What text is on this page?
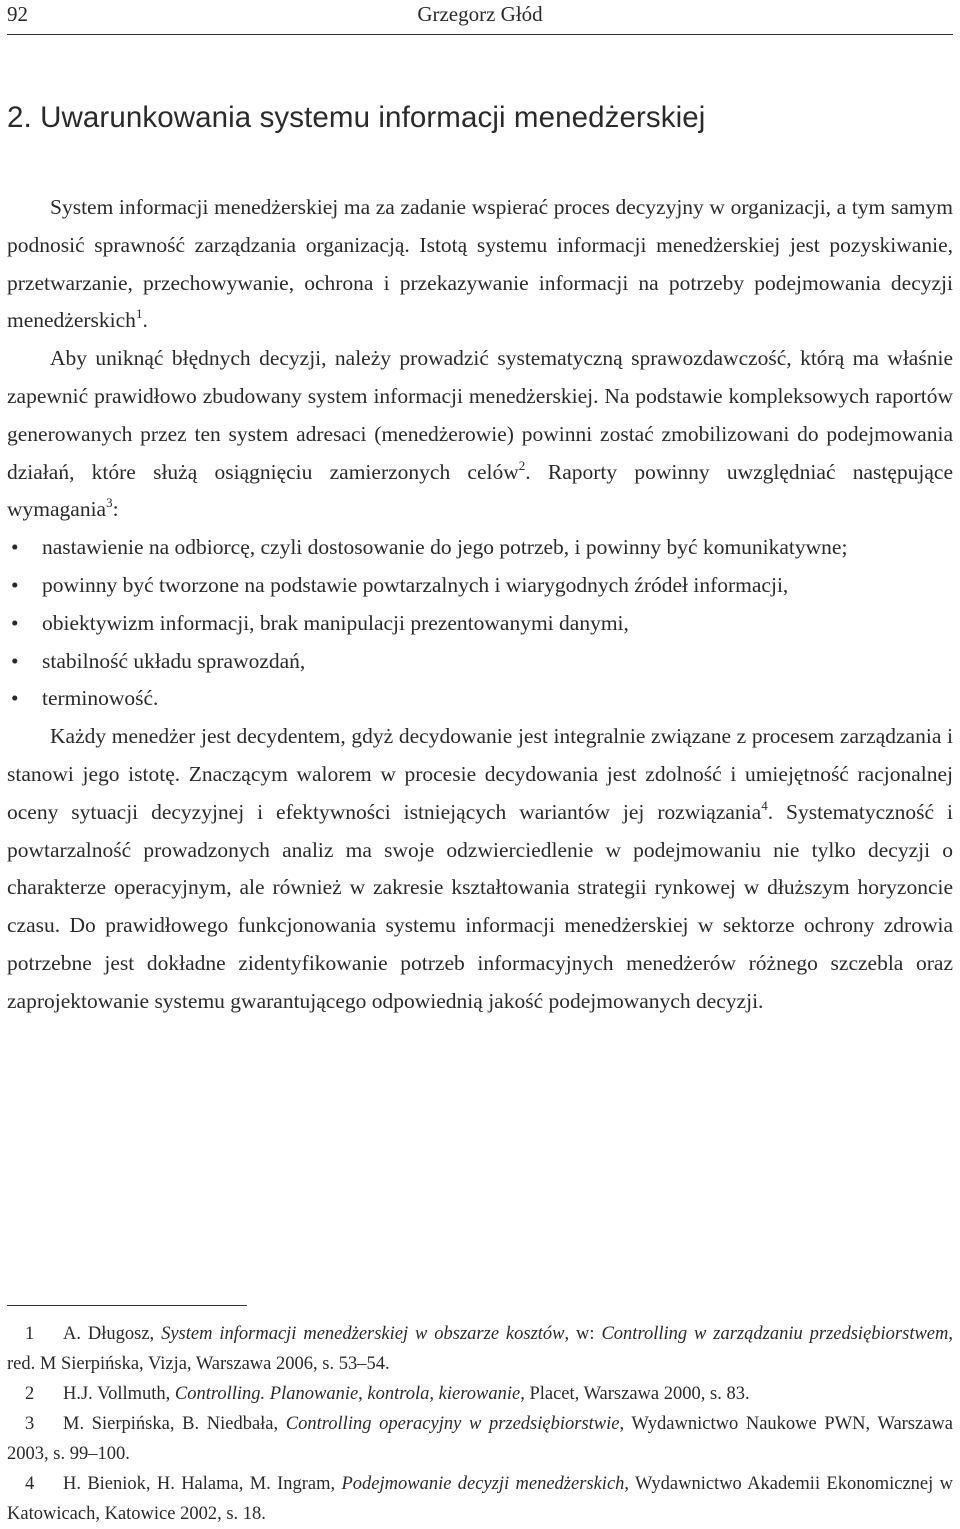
92	Grzegorz Głód
2. Uwarunkowania systemu informacji menedżerskiej

System informacji menedżerskiej ma za zadanie wspierać proces decyzyjny w organizacji, a tym samym podnosić sprawność zarządzania organizacją. Istotą systemu informacji menedżerskiej jest pozyskiwanie, przetwarzanie, przechowywanie, ochrona i przekazywanie informacji na potrzeby podejmowania decyzji menedżerskich$^1$.

Aby uniknąć błędnych decyzji, należy prowadzić systematyczną sprawozdawczość, którą ma właśnie zapewnić prawidłowo zbudowany system informacji menedżerskiej. Na podstawie kompleksowych raportów generowanych przez ten system adresaci (menedżerowie) powinni zostać zmobilizowani do podejmowania działań, które służą osiągnięciu zamierzonych celów$^2$. Raporty powinny uwzględniać następujące wymagania$^3$:

• nastawienie na odbiorcę, czyli dostosowanie do jego potrzeb, i powinny być komunikatywne;
• powinny być tworzone na podstawie powtarzalnych i wiarygodnych źródeł informacji,
• obiektywizm informacji, brak manipulacji prezentowanymi danymi,
• stabilność układu sprawozdań,
• terminowość.

Każdy menedżer jest decydentem, gdyż decydowanie jest integralnie związane z procesem zarządzania i stanowi jego istotę. Znaczącym walorem w procesie decydowania jest zdolność i umiejętność racjonalnej oceny sytuacji decyzyjnej i efektywności istniejących wariantów jej rozwiązania$^4$. Systematyczność i powtarzalność prowadzonych analiz ma swoje odzwierciedlenie w podejmowaniu nie tylko decyzji o charakterze operacyjnym, ale również w zakresie kształtowania strategii rynkowej w dłuższym horyzoncie czasu. Do prawidłowego funkcjonowania systemu informacji menedżerskiej w sektorze ochrony zdrowia potrzebne jest dokładne zidentyfikowanie potrzeb informacyjnych menedżerów różnego szczebla oraz zaprojektowanie systemu gwarantującego odpowiednią jakość podejmowanych decyzji.

1 A. Długosz, System informacji menedżerskiej w obszarze kosztów, w: Controlling w zarządzaniu przedsiębiorstwem, red. M Sierpińska, Vizja, Warszawa 2006, s. 53–54.

2 H.J. Vollmuth, Controlling. Planowanie, kontrola, kierowanie, Placet, Warszawa 2000, s. 83.

3 M. Sierpińska, B. Niedbała, Controlling operacyjny w przedsiębiorstwie, Wydawnictwo Naukowe PWN, Warszawa 2003, s. 99–100.

4 H. Bieniok, H. Halama, M. Ingram, Podejmowanie decyzji menedżerskich, Wydawnictwo Akademii Ekonomicznej w Katowicach, Katowice 2002, s. 18.
